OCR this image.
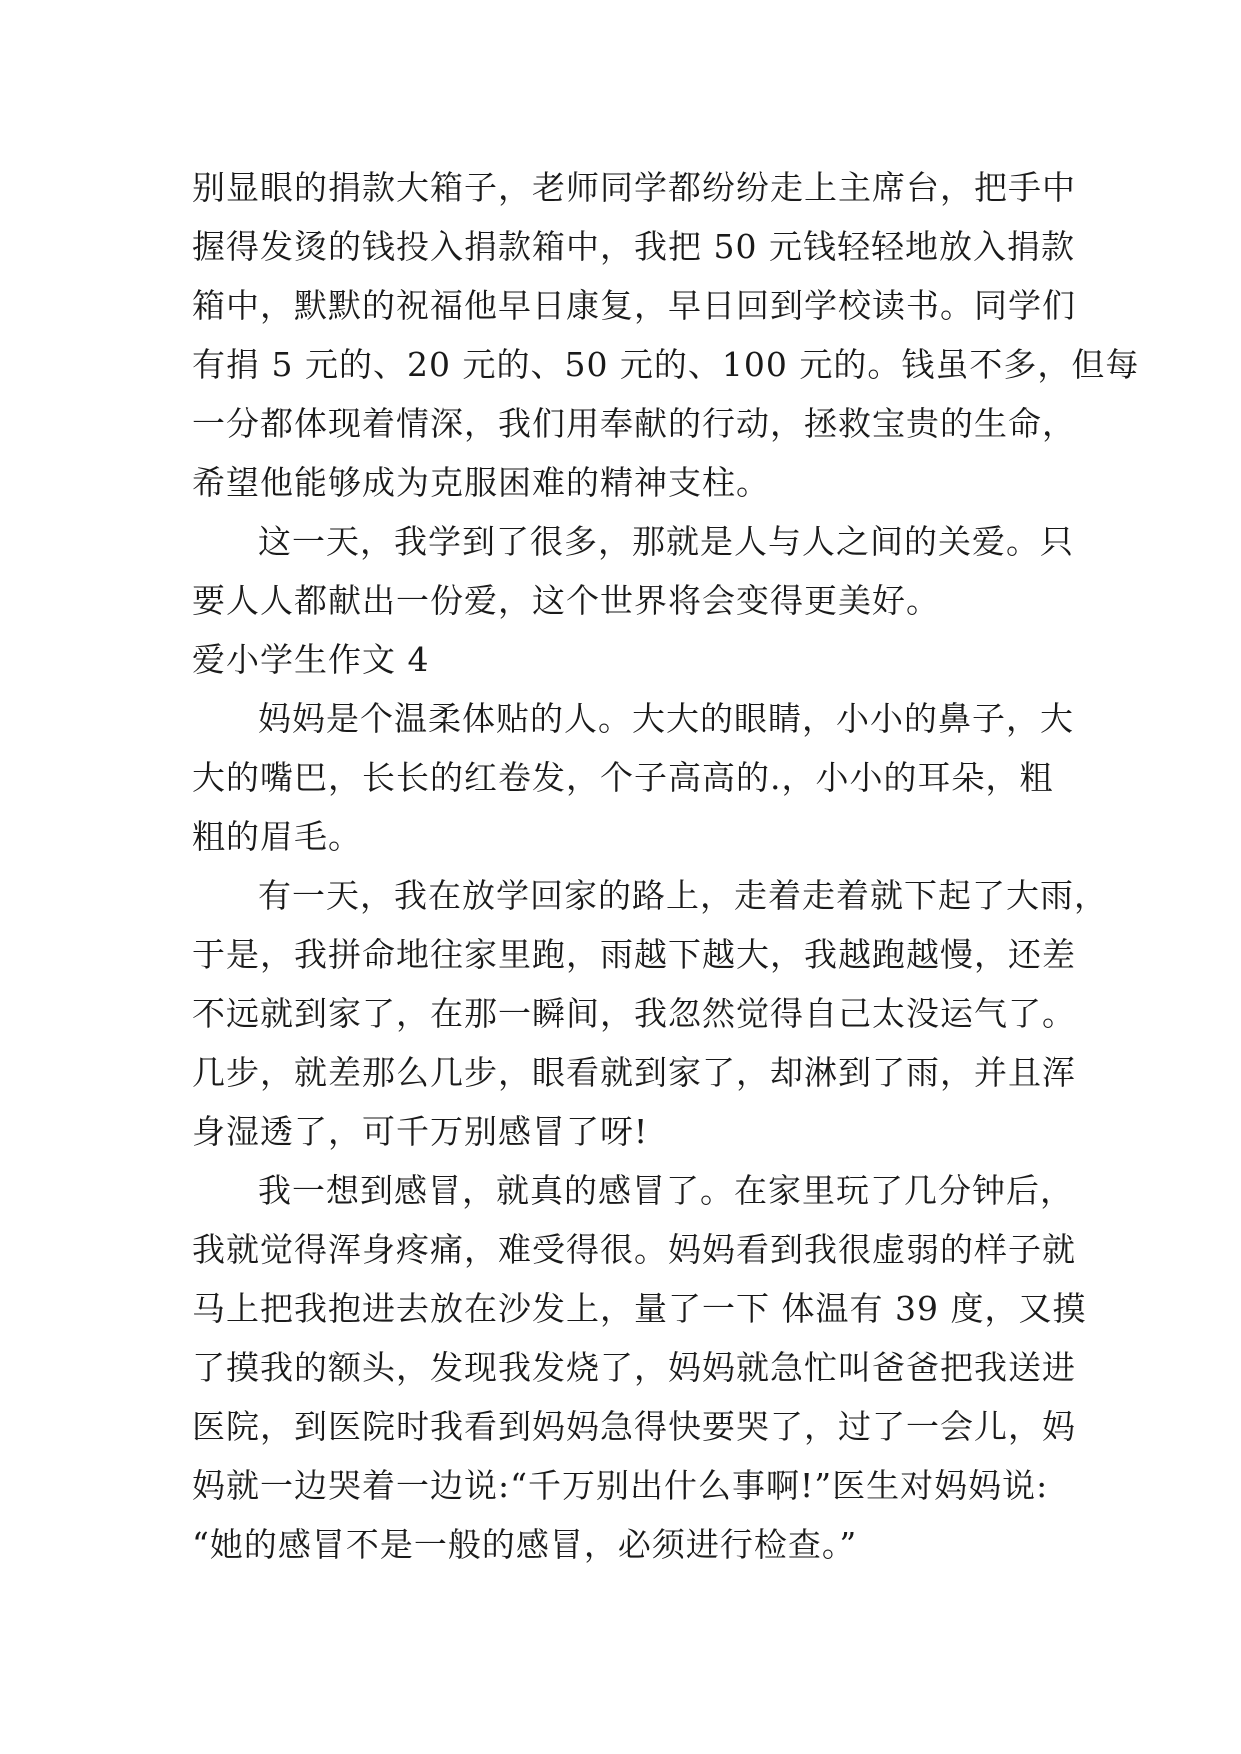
别显眼的捐款大箱子，老师同学都纷纷走上主席台，把手中
握得发烫的钱投入捐款箱中，我把 50 元钱轻轻地放入捐款
箱中，默默的祝福他早日康复，早日回到学校读书。同学们
有捐 5 元的、20 元的、50 元的、100 元的。钱虽不多，但每
一分都体现着情深，我们用奉献的行动，拯救宝贵的生命，
希望他能够成为克服困难的精神支柱。
这一天，我学到了很多，那就是人与人之间的关爱。只
要人人都献出一份爱，这个世界将会变得更美好。
爱小学生作文 4
妈妈是个温柔体贴的人。大大的眼睛，小小的鼻子，大
大的嘴巴，长长的红卷发，个子高高的.，小小的耳朵，粗
粗的眉毛。
有一天，我在放学回家的路上，走着走着就下起了大雨，
于是，我拼命地往家里跑，雨越下越大，我越跑越慢，还差
不远就到家了，在那一瞬间，我忽然觉得自己太没运气了。
几步，就差那么几步，眼看就到家了，却淋到了雨，并且浑
身湿透了，可千万别感冒了呀!
我一想到感冒，就真的感冒了。在家里玩了几分钟后，
我就觉得浑身疼痛，难受得很。妈妈看到我很虚弱的样子就
马上把我抱进去放在沙发上，量了一下 体温有 39 度，又摸
了摸我的额头，发现我发烧了，妈妈就急忙叫爸爸把我送进
医院，到医院时我看到妈妈急得快要哭了，过了一会儿，妈
妈就一边哭着一边说:“千万别出什么事啊!”医生对妈妈说:
“她的感冒不是一般的感冒，必须进行检查。”
